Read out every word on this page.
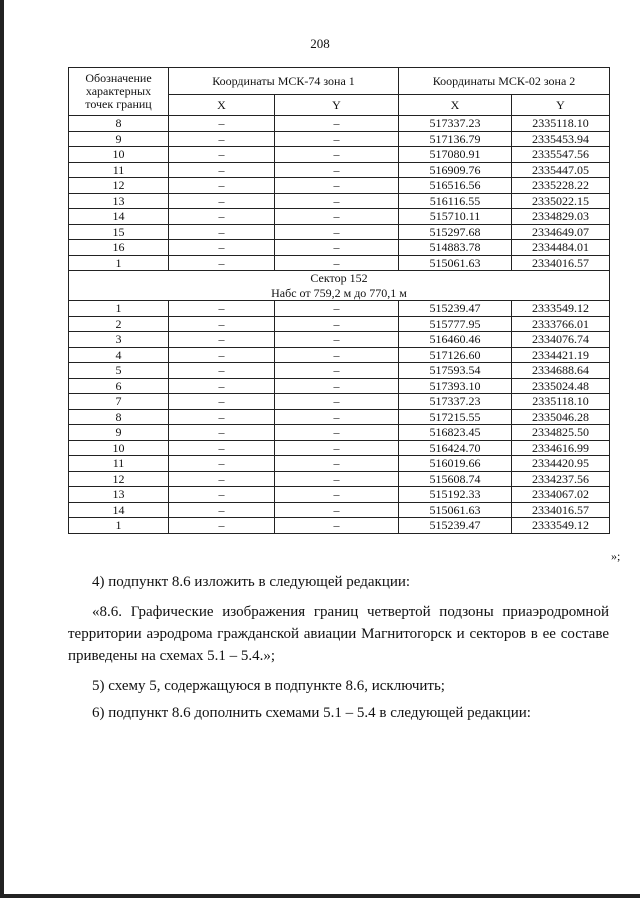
208
Обозначение характерных точек границ	Координаты МСК-74 зона 1		Координаты МСК-02 зона 2	
	X	Y	X	Y
8	–	–	517337.23	2335118.10
9	–	–	517136.79	2335453.94
10	–	–	517080.91	2335547.56
11	–	–	516909.76	2335447.05
12	–	–	516516.56	2335228.22
13	–	–	516116.55	2335022.15
14	–	–	515710.11	2334829.03
15	–	–	515297.68	2334649.07
16	–	–	514883.78	2334484.01
1	–	–	515061.63	2334016.57

Сектор 152
Набс от 759,2 м до 770,1 м				

1	–	–	515239.47	2333549.12
2	–	–	515777.95	2333766.01
3	–	–	516460.46	2334076.74
4	–	–	517126.60	2334421.19
5	–	–	517593.54	2334688.64
6	–	–	517393.10	2335024.48
7	–	–	517337.23	2335118.10
8	–	–	517215.55	2335046.28
9	–	–	516823.45	2334825.50
10	–	–	516424.70	2334616.99
11	–	–	516019.66	2334420.95
12	–	–	515608.74	2334237.56
13	–	–	515192.33	2334067.02
14	–	–	515061.63	2334016.57
1	–	–	515239.47	2333549.12
»;
4) подпункт 8.6 изложить в следующей редакции:
«8.6. Графические изображения границ четвертой подзоны приаэродромной территории аэродрома гражданской авиации Магнитогорск и секторов в ее составе приведены на схемах 5.1 – 5.4.»;
5) схему 5, содержащуюся в подпункте 8.6, исключить;
6) подпункт 8.6 дополнить схемами 5.1 – 5.4 в следующей редакции:
